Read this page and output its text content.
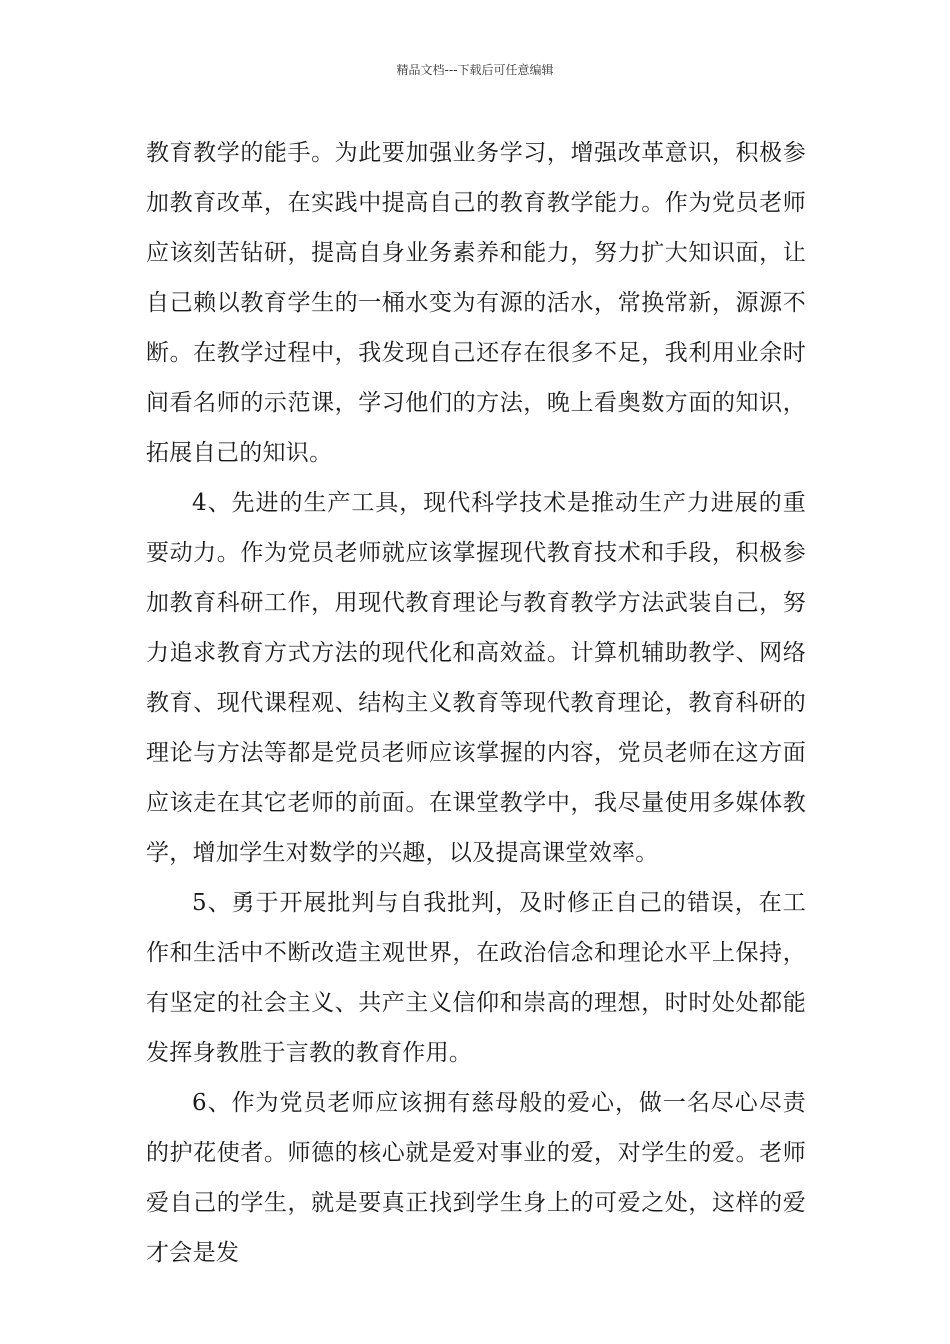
精品文档---下载后可任意编辑

教育教学的能手。为此要加强业务学习，增强改革意识，积极参加教育改革，在实践中提高自己的教育教学能力。作为党员老师应该刻苦钻研，提高自身业务素养和能力，努力扩大知识面，让自己赖以教育学生的一桶水变为有源的活水，常换常新，源源不断。在教学过程中，我发现自己还存在很多不足，我利用业余时间看名师的示范课，学习他们的方法，晚上看奥数方面的知识，拓展自己的知识。

4、先进的生产工具，现代科学技术是推动生产力进展的重要动力。作为党员老师就应该掌握现代教育技术和手段，积极参加教育科研工作，用现代教育理论与教育教学方法武装自己，努力追求教育方式方法的现代化和高效益。计算机辅助教学、网络教育、现代课程观、结构主义教育等现代教育理论，教育科研的理论与方法等都是党员老师应该掌握的内容，党员老师在这方面应该走在其它老师的前面。在课堂教学中，我尽量使用多媒体教学，增加学生对数学的兴趣，以及提高课堂效率。

5、勇于开展批判与自我批判，及时修正自己的错误，在工作和生活中不断改造主观世界，在政治信念和理论水平上保持，有坚定的社会主义、共产主义信仰和崇高的理想，时时处处都能发挥身教胜于言教的教育作用。

6、作为党员老师应该拥有慈母般的爱心，做一名尽心尽责的护花使者。师德的核心就是爱对事业的爱，对学生的爱。老师爱自己的学生，就是要真正找到学生身上的可爱之处，这样的爱才会是发
